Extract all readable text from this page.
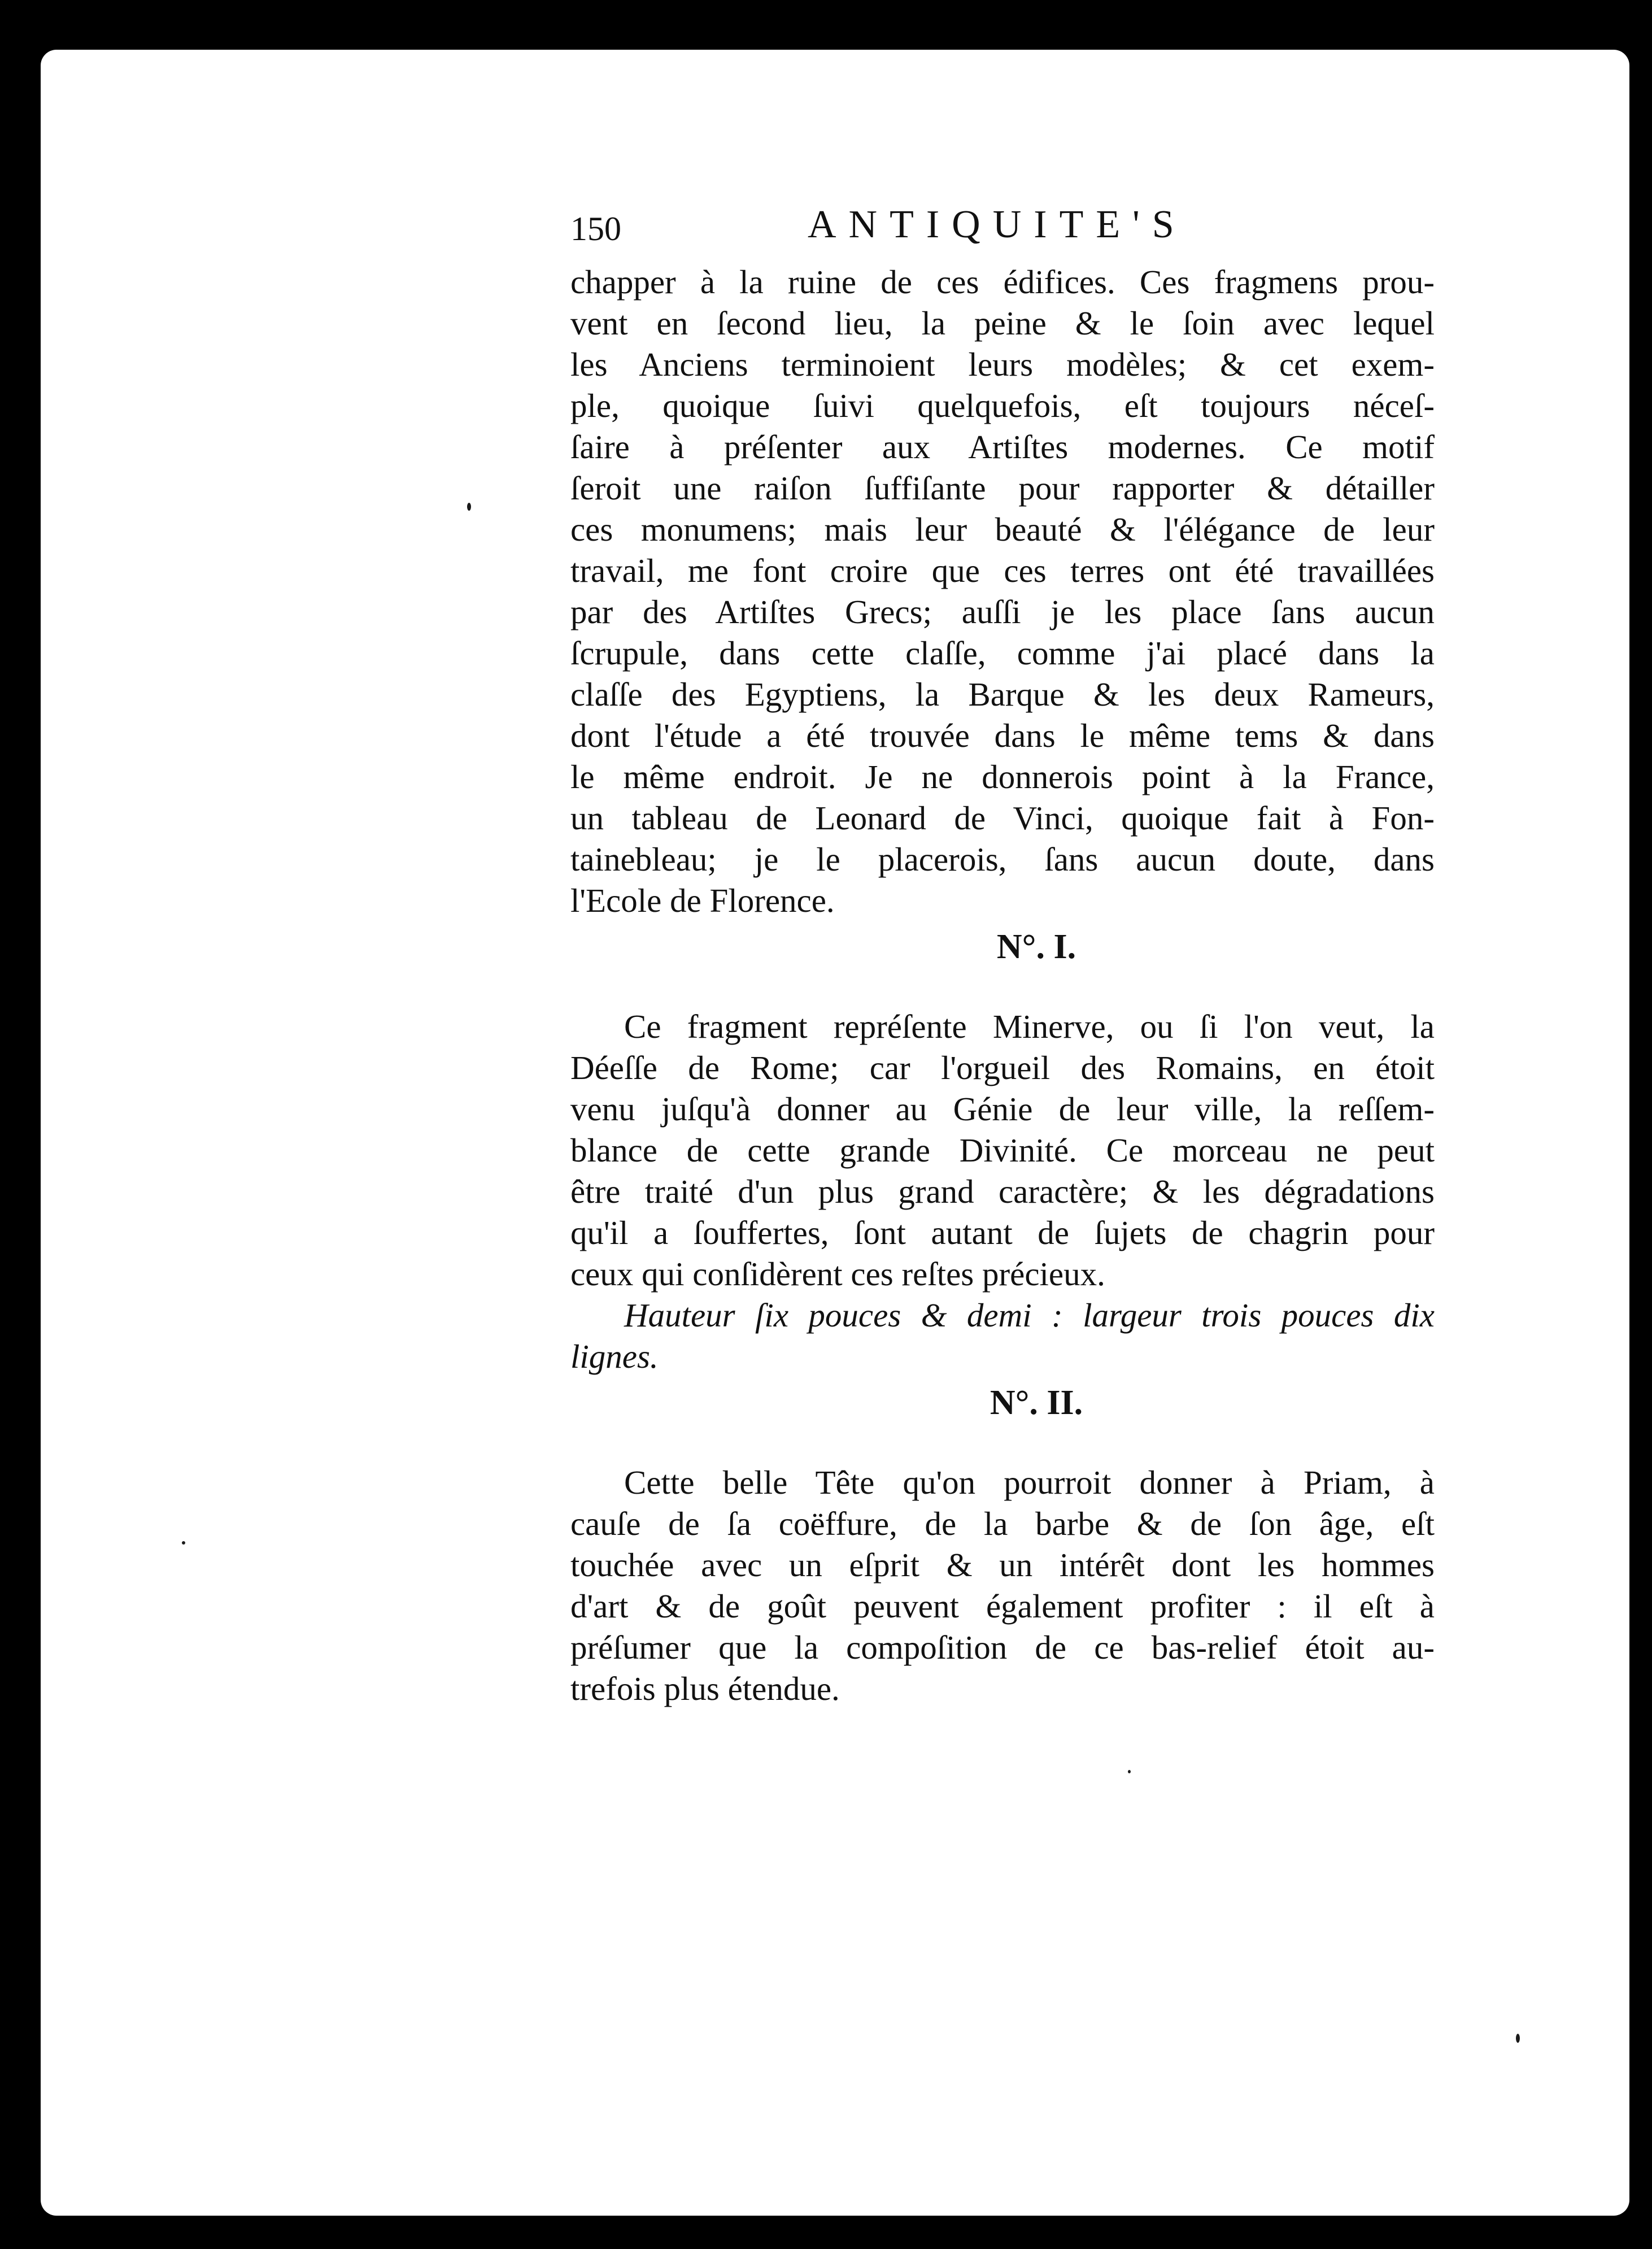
150	ANTIQUITE'S
chapper à la ruine de ces édifices. Ces fragmens prou-
vent en ſecond lieu, la peine & le ſoin avec lequel
les Anciens terminoient leurs modèles; & cet exem-
ple, quoique ſuivi quelquefois, eſt toujours néceſ-
ſaire à préſenter aux Artiſtes modernes. Ce motif
ſeroit une raiſon ſuffiſante pour rapporter & détailler
ces monumens; mais leur beauté & l'élégance de leur
travail, me font croire que ces terres ont été travaillées
par des Artiſtes Grecs; auſſi je les place ſans aucun
ſcrupule, dans cette claſſe, comme j'ai placé dans la
claſſe des Egyptiens, la Barque & les deux Rameurs,
dont l'étude a été trouvée dans le même tems & dans
le même endroit. Je ne donnerois point à la France,
un tableau de Leonard de Vinci, quoique fait à Fon-
tainebleau; je le placerois, ſans aucun doute, dans
l'Ecole de Florence.
N°. I.
Ce fragment repréſente Minerve, ou ſi l'on veut, la
Déeſſe de Rome; car l'orgueil des Romains, en étoit
venu juſqu'à donner au Génie de leur ville, la reſſem-
blance de cette grande Divinité. Ce morceau ne peut
être traité d'un plus grand caractère; & les dégradations
qu'il a ſouffertes, ſont autant de ſujets de chagrin pour
ceux qui conſidèrent ces reſtes précieux.
Hauteur ſix pouces & demi : largeur trois pouces dix
lignes.
N°. II.
Cette belle Tête qu'on pourroit donner à Priam, à
cauſe de ſa coëffure, de la barbe & de ſon âge, eſt
touchée avec un eſprit & un intérêt dont les hommes
d'art & de goût peuvent également profiter : il eſt à
préſumer que la compoſition de ce bas-relief étoit au-
trefois plus étendue.
